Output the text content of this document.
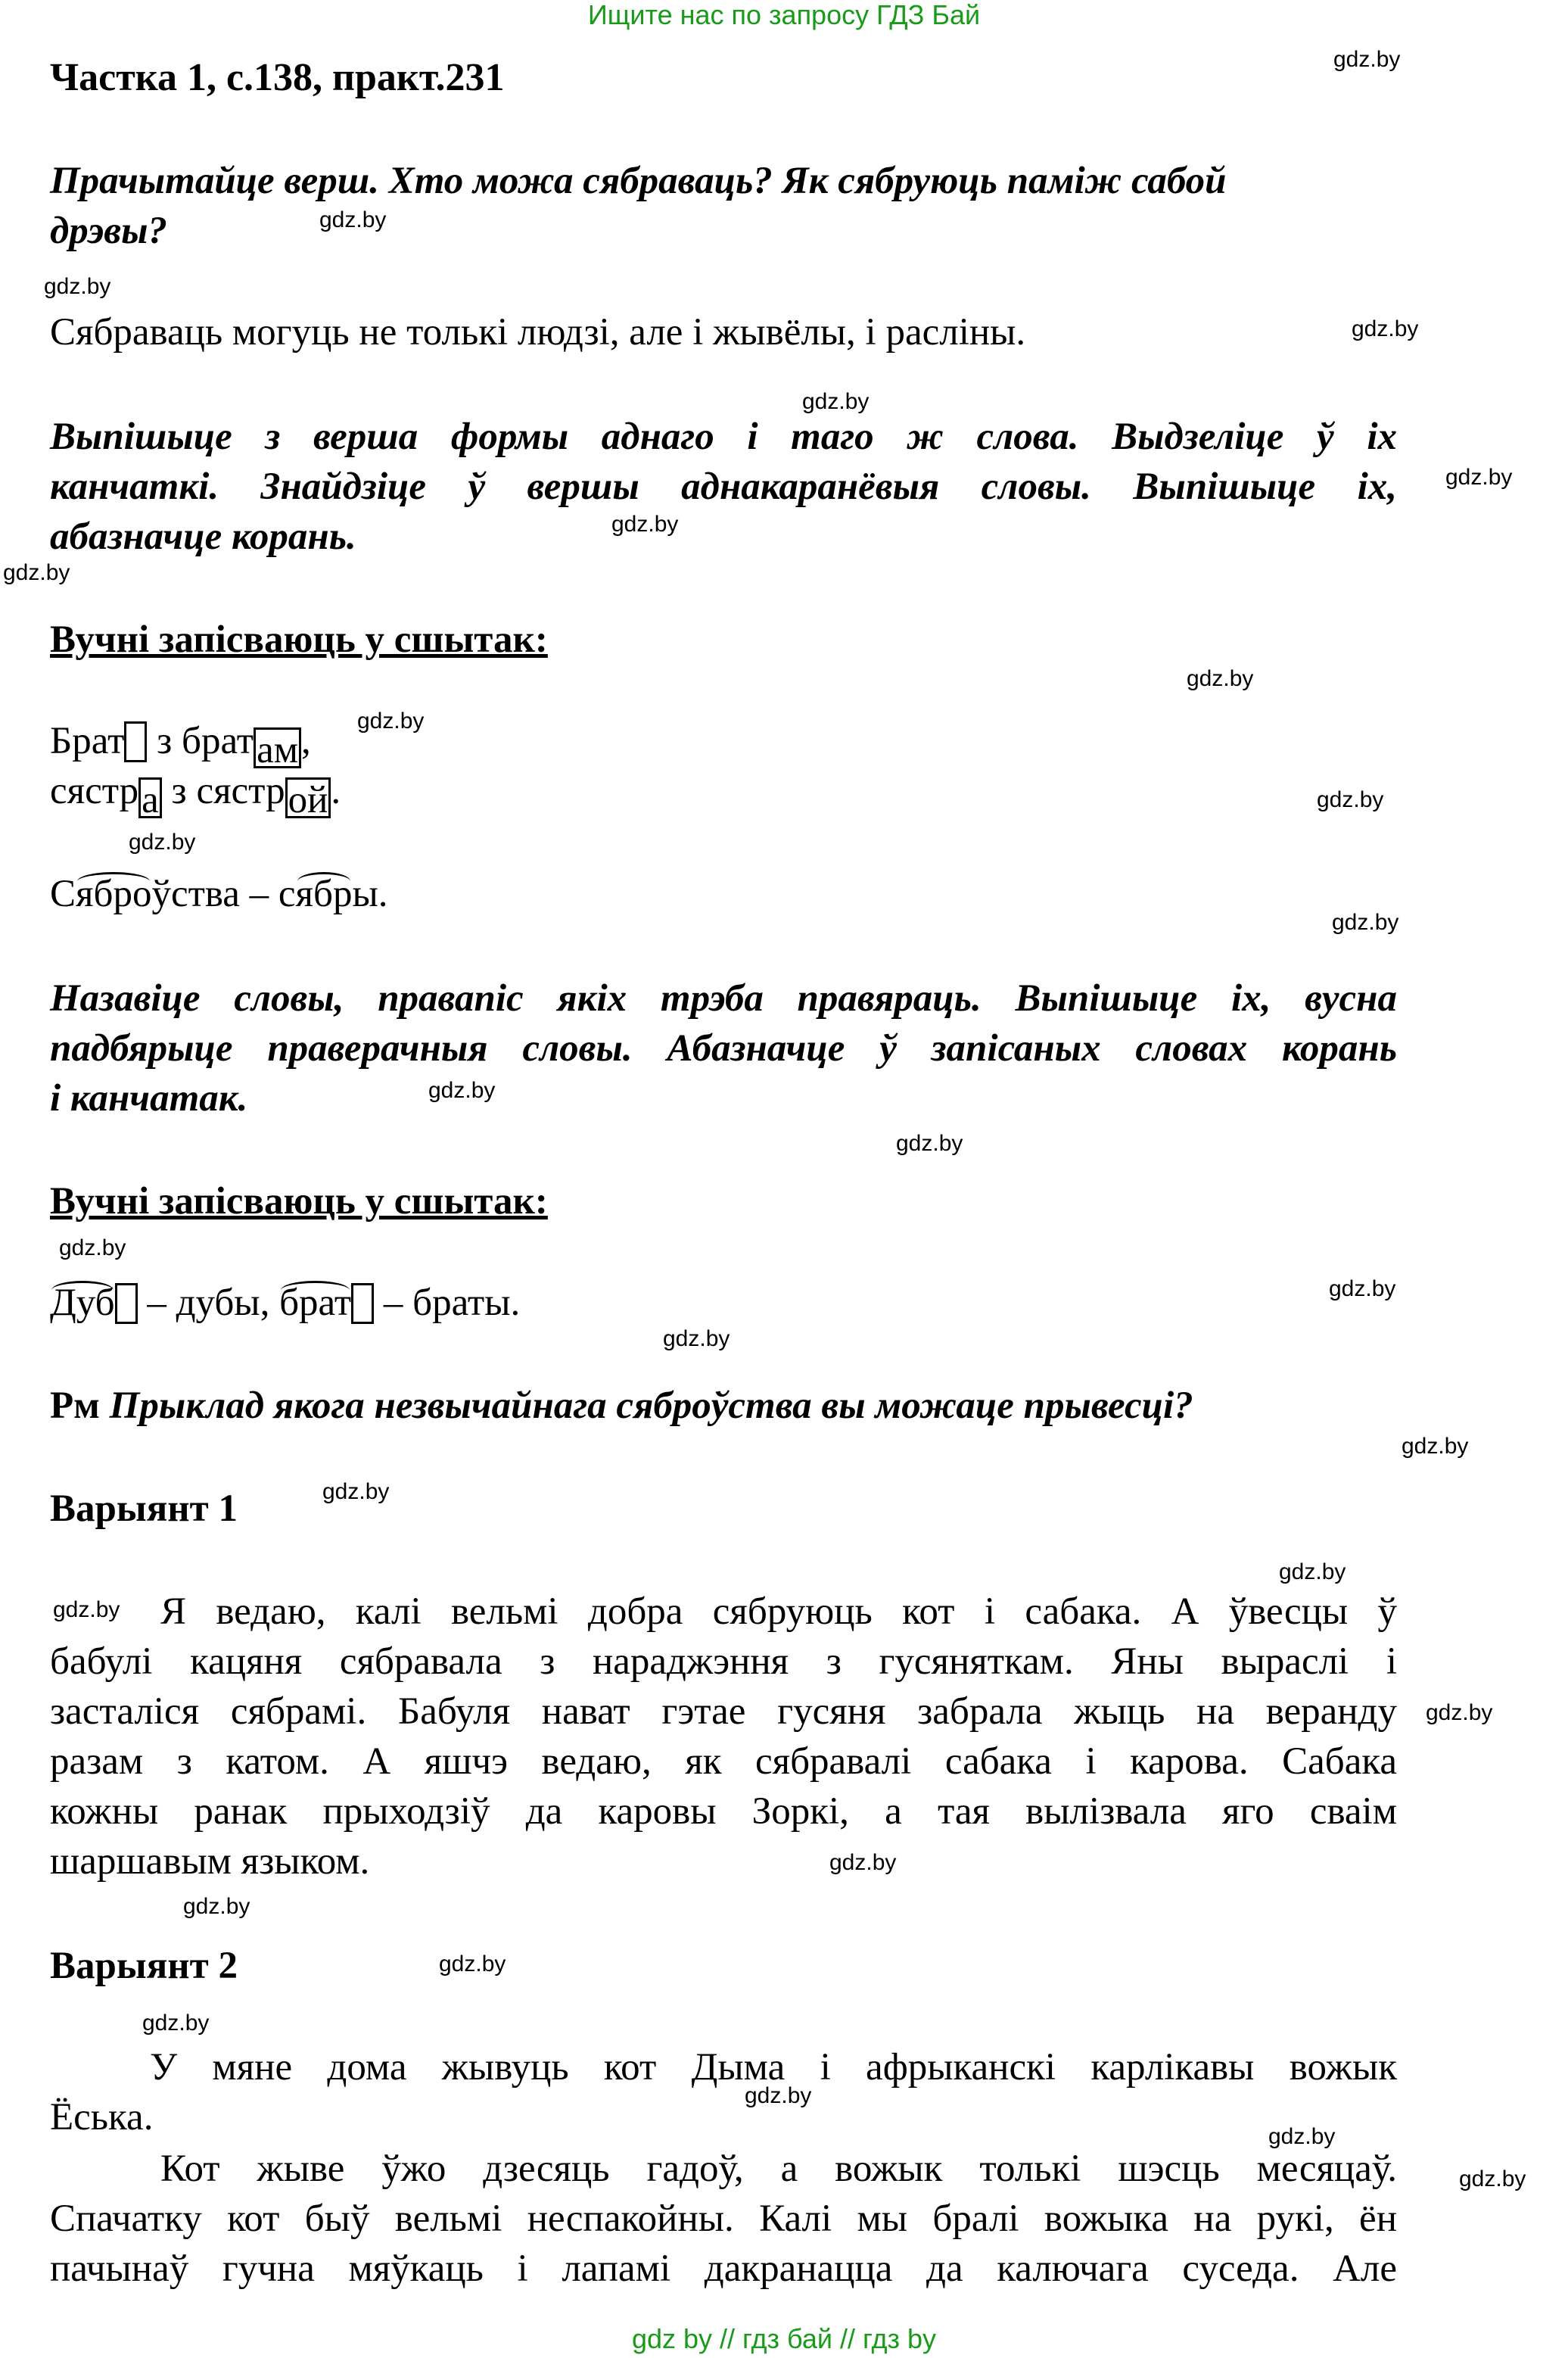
Ищите нас по запросу ГДЗ Бай
Частка 1, с.138, практ.231
Прачытайце верш. Хто можа сябраваць? Як сябруюць паміж сабой
дрэвы?
Сябраваць могуць не толькі людзі, але і жывёлы, і расліны.
Выпішыце з верша формы аднаго і таго ж слова. Выдзеліце ў іх
канчаткі. Знайдзіце ў вершы аднакаранёвыя словы. Выпішыце іх,
абазначце корань.
Вучні запісваюць у сшытак:
Брат з братам,
сястра з сястрой.
Сяброўства – сябры.
Назавіце словы, правапіс якіх трэба правяраць. Выпішыце іх, вусна
падбярыце праверачныя словы. Абазначце ў запісаных словах корань
і канчатак.
Вучні запісваюць у сшытак:
Дуб – дубы, брат – браты.
Рм Прыклад якога незвычайнага сяброўства вы можаце прывесці?
Варыянт 1
Я ведаю, калі вельмі добра сябруюць кот і сабака. А ўвесцы ў
бабулі кацяня сябравала з нараджэння з гусяняткам. Яны выраслі і
засталіся сябрамі. Бабуля нават гэтае гусяня забрала жыць на веранду
разам з катом. А яшчэ ведаю, як сябравалі сабака і карова. Сабака
кожны ранак прыходзіў да каровы Зоркі, а тая вылізвала яго сваім
шаршавым языком.
Варыянт 2
У мяне дома жывуць кот Дыма і афрыканскі карлікавы вожык
Ёська.
Кот жыве ўжо дзесяць гадоў, а вожык толькі шэсць месяцаў.
Спачатку кот быў вельмі неспакойны. Калі мы бралі вожыка на рукі, ён
пачынаў гучна мяўкаць і лапамі дакранацца да калючага суседа. Але
gdz.by
gdz.by
gdz.by
gdz.by
gdz.by
gdz.by
gdz.by
gdz.by
gdz.by
gdz.by
gdz.by
gdz.by
gdz.by
gdz.by
gdz.by
gdz.by
gdz.by
gdz.by
gdz.by
gdz.by
gdz.by
gdz.by
gdz.by
gdz.by
gdz.by
gdz.by
gdz.by
gdz.by
gdz.by
gdz.by
gdz by // гдз бай // гдз by
